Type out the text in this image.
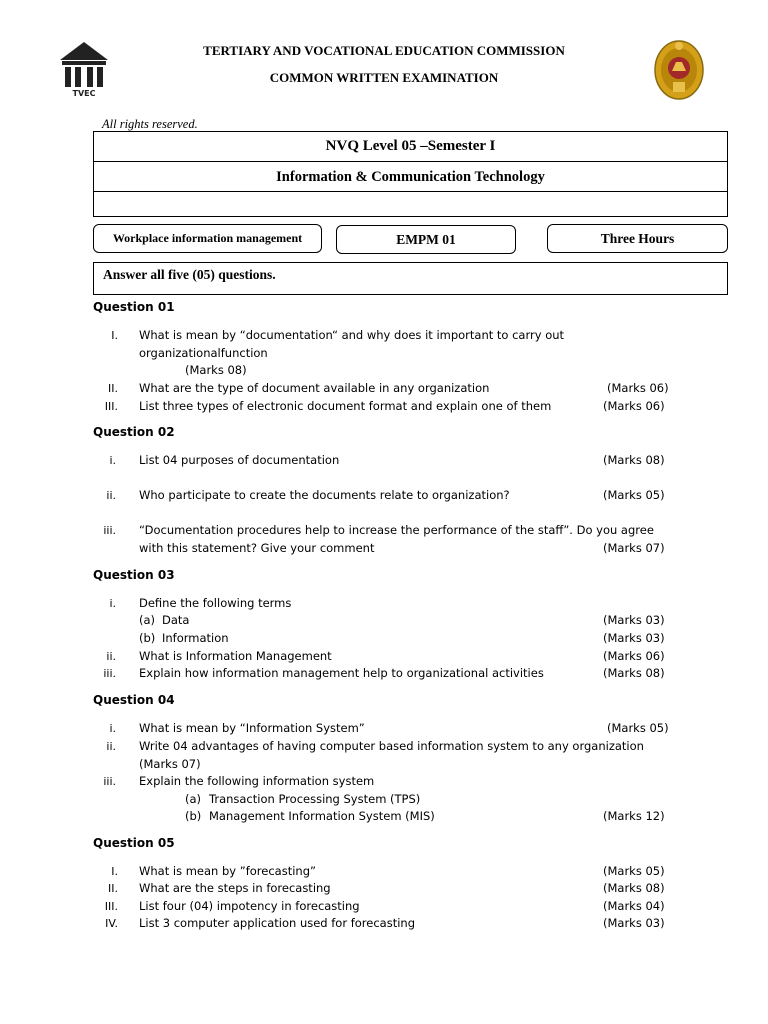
TVEC
TERTIARY AND VOCATIONAL EDUCATION COMMISSION
COMMON WRITTEN EXAMINATION
All rights reserved.
NVQ Level 05 –Semester I
Information & Communication Technology
Workplace information management	EMPM 01	Three Hours
Answer all five (05) questions.
Question 01
I. What is mean by “documentation“ and why does it important to carry out
organizationalfunction
(Marks 08)
II. What are the type of document available in any organization	(Marks 06)
III. List three types of electronic document format and explain one of them	(Marks 06)
Question 02
i. List 04 purposes of documentation	(Marks 08)
ii. Who participate to create the documents relate to organization?	(Marks 05)
iii. “Documentation procedures help to increase the performance of the staff”. Do you agree
with this statement? Give your comment	(Marks 07)
Question 03
i. Define the following terms
(a) Data	(Marks 03)
(b) Information	(Marks 03)
ii. What is Information Management	(Marks 06)
iii. Explain how information management help to organizational activities	(Marks 08)
Question 04
i. What is mean by “Information System”	(Marks 05)
ii. Write 04 advantages of having computer based information system to any organization
(Marks 07)
iii. Explain the following information system
(a) Transaction Processing System (TPS)
(b) Management Information System (MIS)	(Marks 12)
Question 05
I. What is mean by ”forecasting”	(Marks 05)
II. What are the steps in forecasting	(Marks 08)
III. List four (04) impotency in forecasting	(Marks 04)
IV. List 3 computer application used for forecasting	(Marks 03)
